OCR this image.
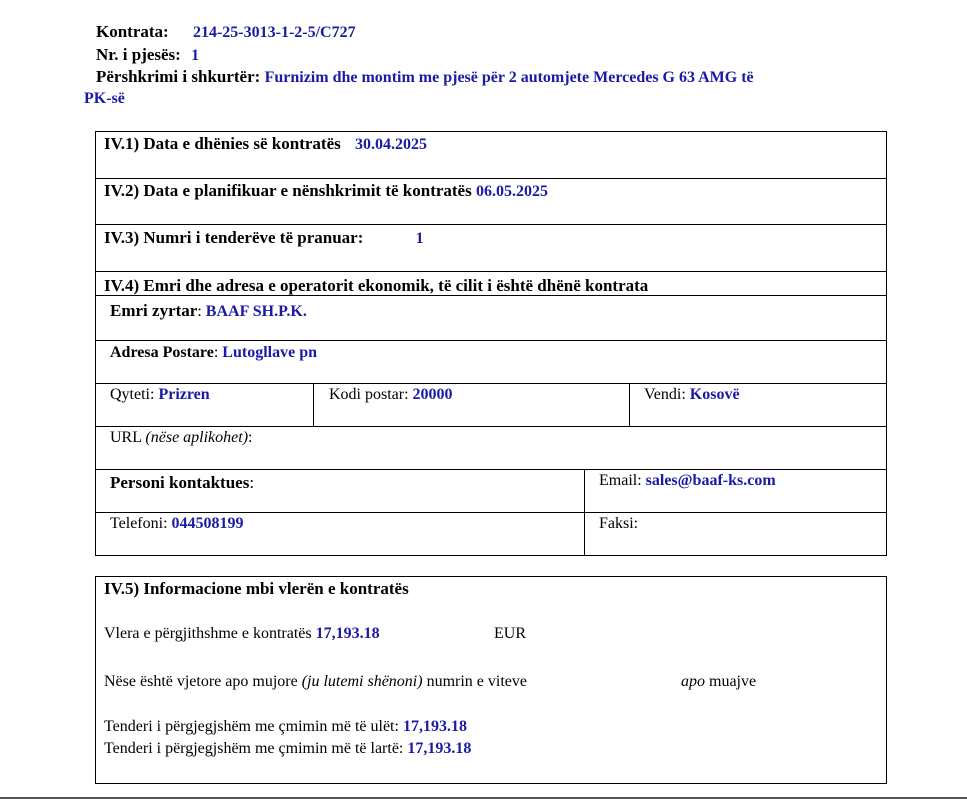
Kontrata: 214-25-3013-1-2-5/C727
Nr. i pjesës: 1
Përshkrimi i shkurtër: Furnizim dhe montim me pjesë për 2 automjete Mercedes G 63 AMG të
PK-së
IV.1) Data e dhënies së kontratës 30.04.2025
IV.2) Data e planifikuar e nënshkrimit të kontratës 06.05.2025
IV.3) Numri i tenderëve të pranuar:	1
IV.4) Emri dhe adresa e operatorit ekonomik, të cilit i është dhënë kontrata
Emri zyrtar: BAAF SH.P.K.
Adresa Postare: Lutogllave pn
Qyteti: Prizren	Kodi postar: 20000	Vendi: Kosovë
URL (nëse aplikohet):
Personi kontaktues:	Email: sales@baaf-ks.com
Telefoni: 044508199	Faksi:
IV.5) Informacione mbi vlerën e kontratës
Vlera e përgjithshme e kontratës 17,193.18	EUR
Nëse është vjetore apo mujore (ju lutemi shënoni) numrin e viteve	apo muajve
Tenderi i përgjegjshëm me çmimin më të ulët: 17,193.18
Tenderi i përgjegjshëm me çmimin më të lartë: 17,193.18
